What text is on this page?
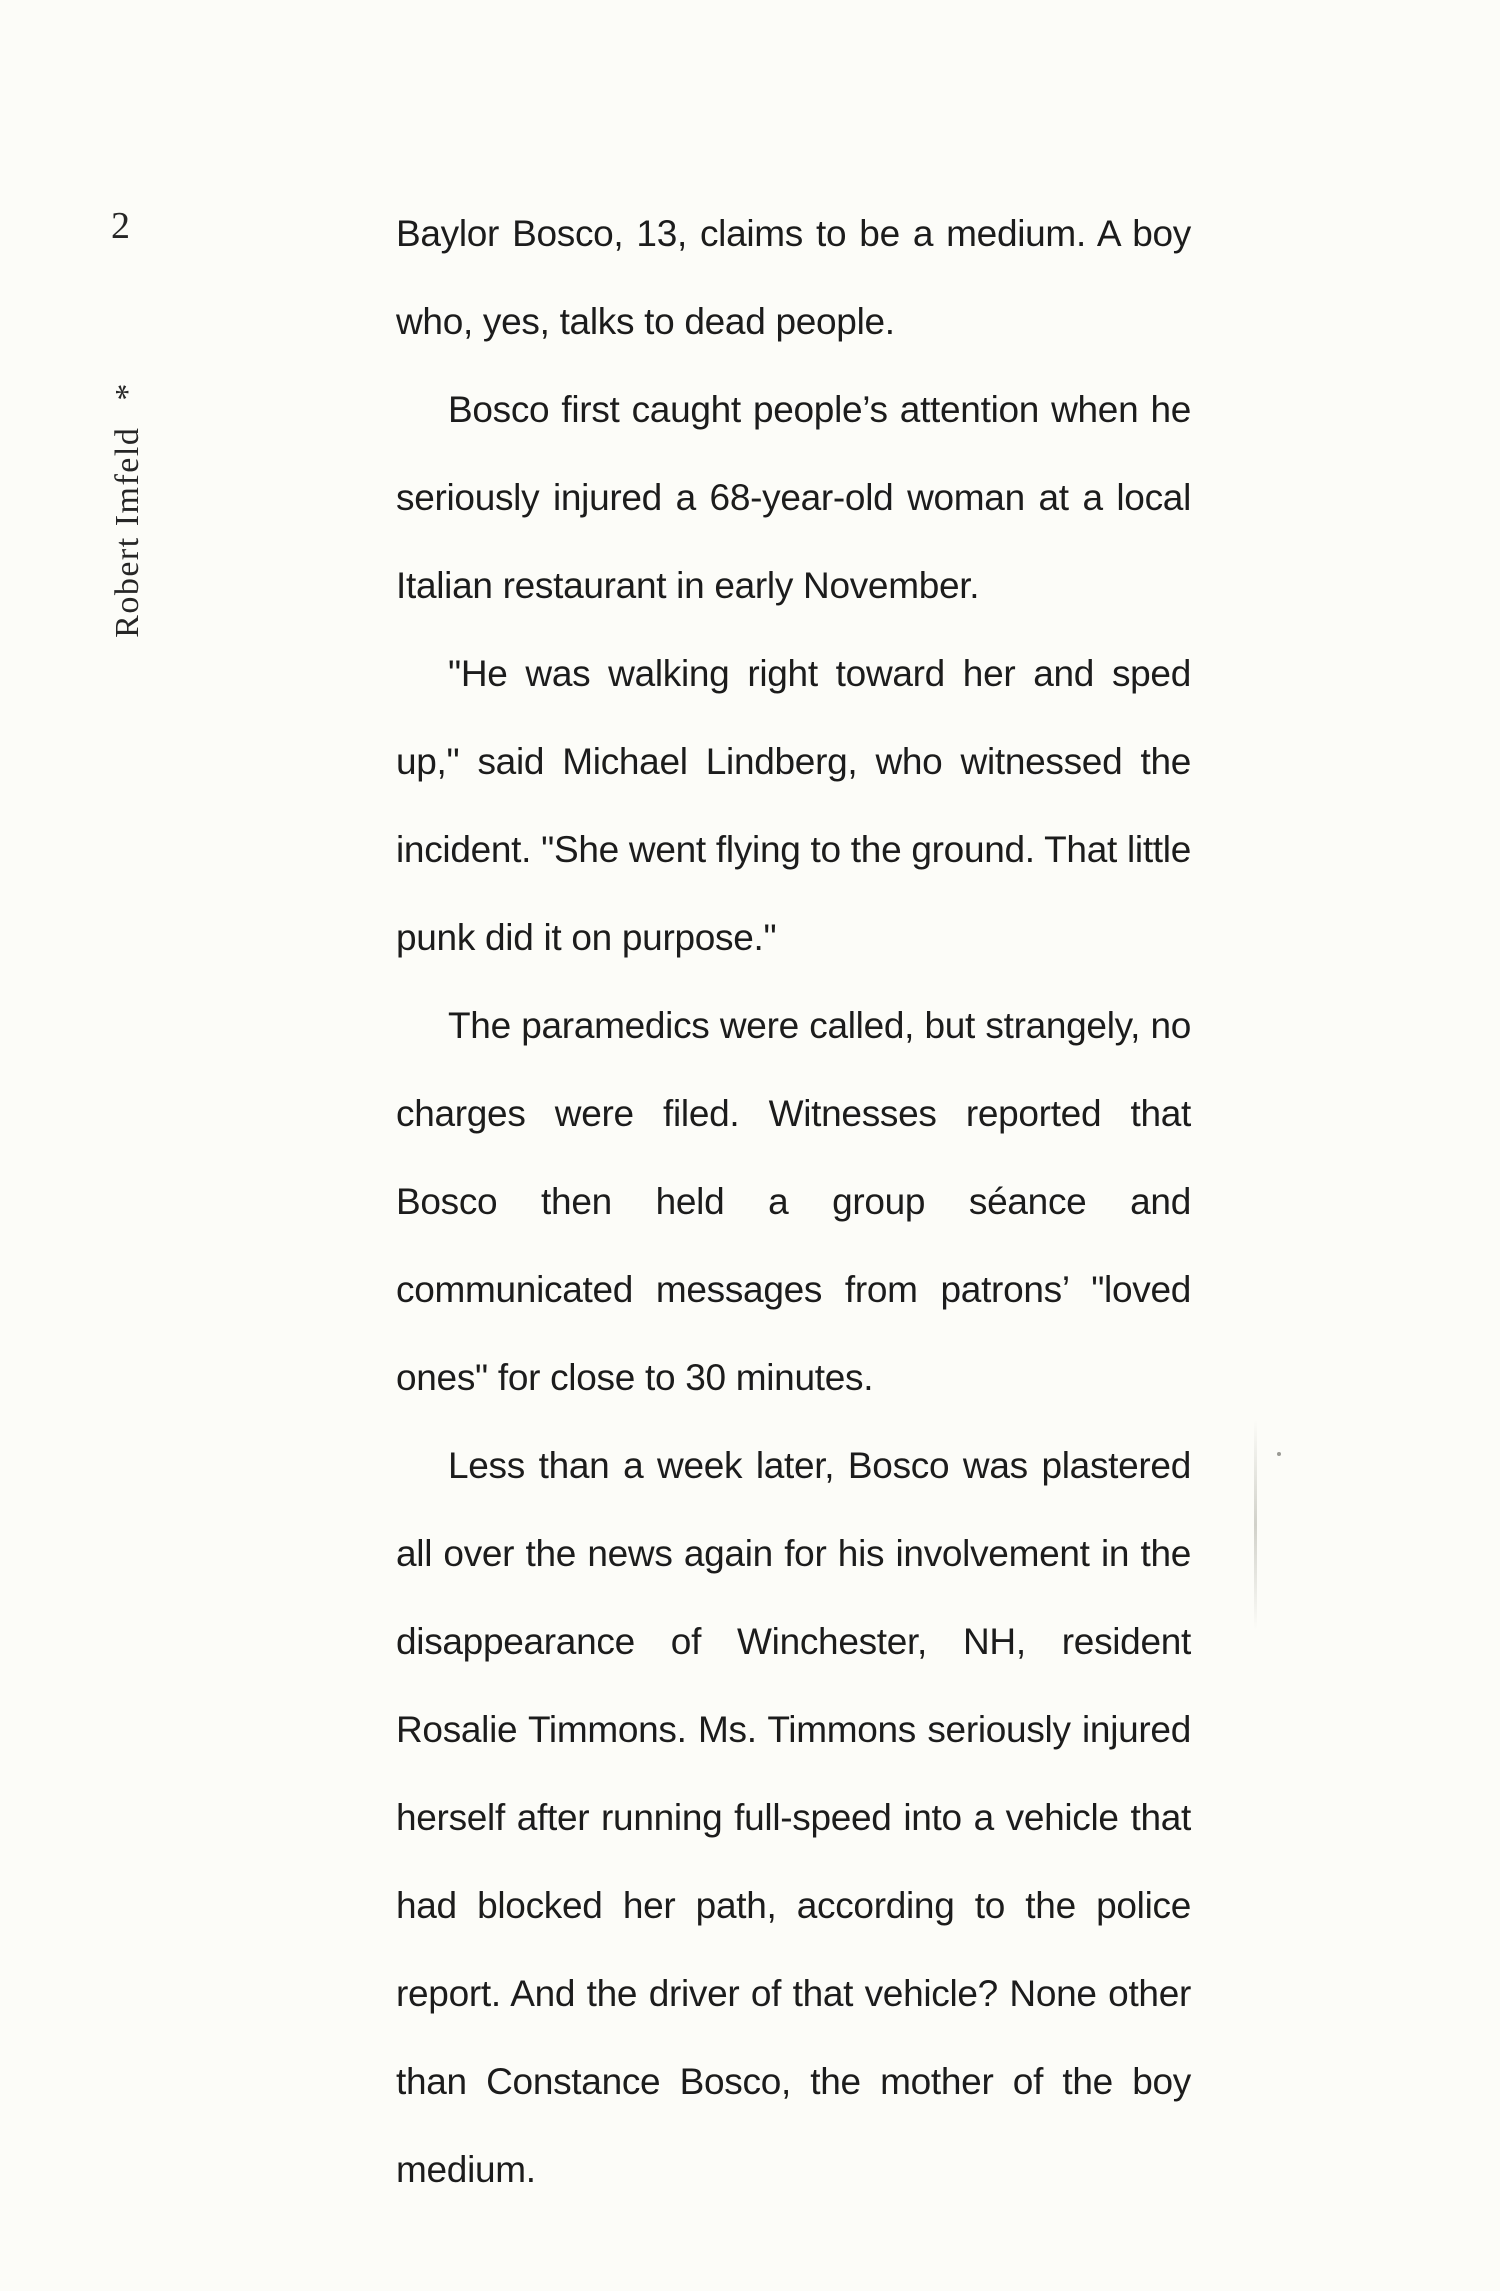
2
Robert Imfeld*

Baylor Bosco, 13, claims to be a medium. A boy who, yes, talks to dead people.

Bosco first caught people’s attention when he seriously injured a 68-year-old woman at a local Italian restaurant in early November.

"He was walking right toward her and sped up," said Michael Lindberg, who witnessed the incident. "She went flying to the ground. That little punk did it on purpose."

The paramedics were called, but strangely, no charges were filed. Witnesses reported that Bosco then held a group séance and communicated messages from patrons’ "loved ones" for close to 30 minutes.

Less than a week later, Bosco was plastered all over the news again for his involvement in the disappearance of Winchester, NH, resident Rosalie Timmons. Ms. Timmons seriously injured herself after running full-speed into a vehicle that had blocked her path, according to the police report. And the driver of that vehicle? None other than Constance Bosco, the mother of the boy medium.
